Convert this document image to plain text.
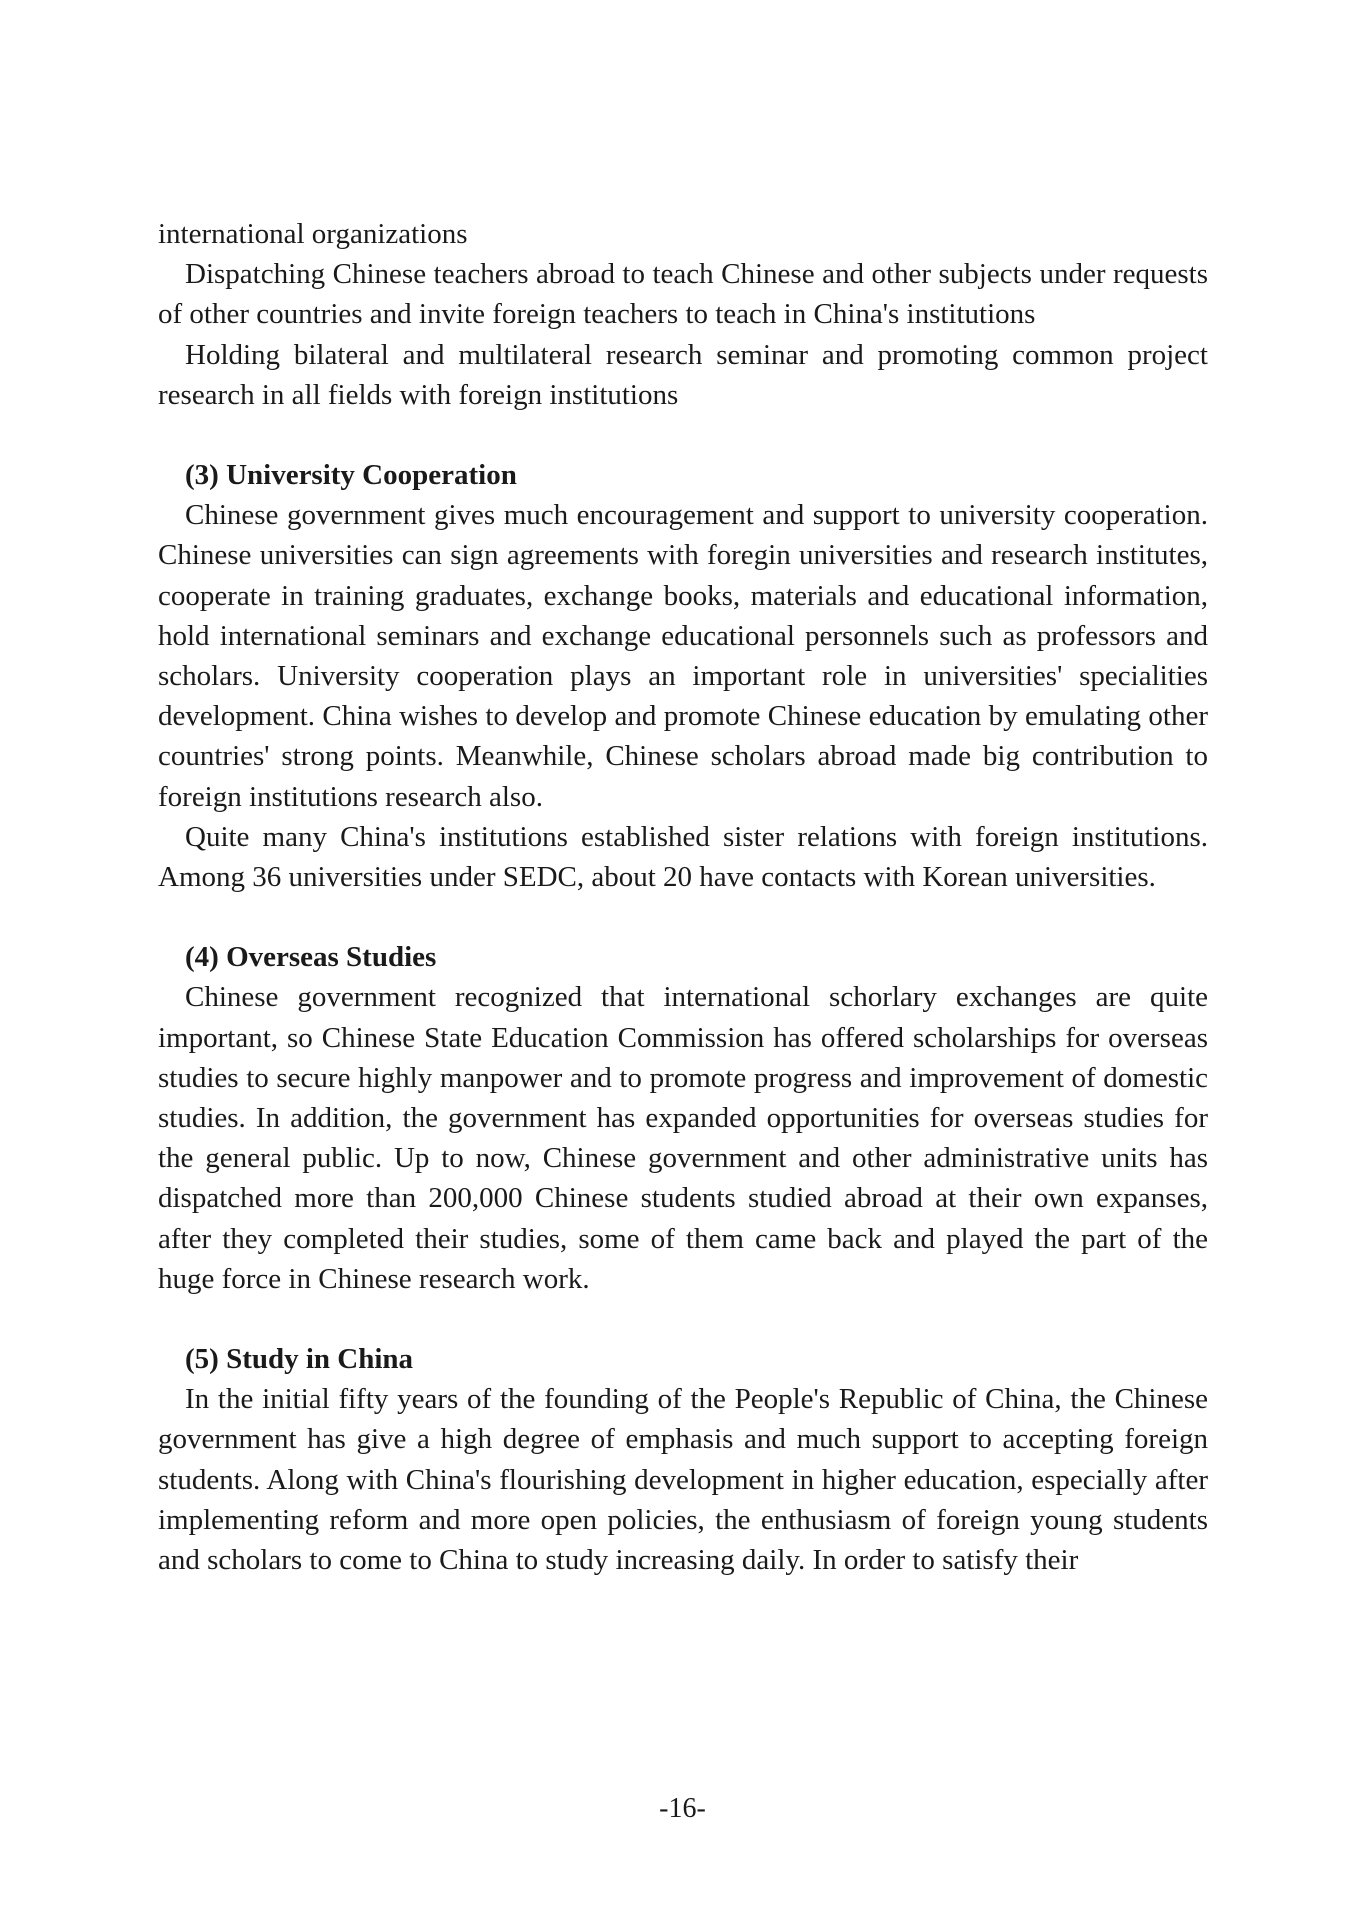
international organizations

Dispatching Chinese teachers abroad to teach Chinese and other subjects under requests of other countries and invite foreign teachers to teach in China's institutions

Holding bilateral and multilateral research seminar and promoting common project research in all fields with foreign institutions

(3) University Cooperation

Chinese government gives much encouragement and support to university cooperation. Chinese universities can sign agreements with foregin universities and research institutes, cooperate in training graduates, exchange books, materials and educational information, hold international seminars and exchange educational personnels such as professors and scholars. University cooperation plays an important role in universities' specialities development. China wishes to develop and promote Chinese education by emulating other countries' strong points. Meanwhile, Chinese scholars abroad made big contribution to foreign institutions research also.

Quite many China's institutions established sister relations with foreign institutions. Among 36 universities under SEDC, about 20 have contacts with Korean universities.

(4) Overseas Studies

Chinese government recognized that international schorlary exchanges are quite important, so Chinese State Education Commission has offered scholarships for overseas studies to secure highly manpower and to promote progress and improvement of domestic studies. In addition, the government has expanded opportunities for overseas studies for the general public. Up to now, Chinese government and other administrative units has dispatched more than 200,000 Chinese students studied abroad at their own expanses, after they completed their studies, some of them came back and played the part of the huge force in Chinese research work.

(5) Study in China

In the initial fifty years of the founding of the People's Republic of China, the Chinese government has give a high degree of emphasis and much support to accepting foreign students. Along with China's flourishing development in higher education, especially after implementing reform and more open policies, the enthusiasm of foreign young students and scholars to come to China to study increasing daily. In order to satisfy their

-16-
